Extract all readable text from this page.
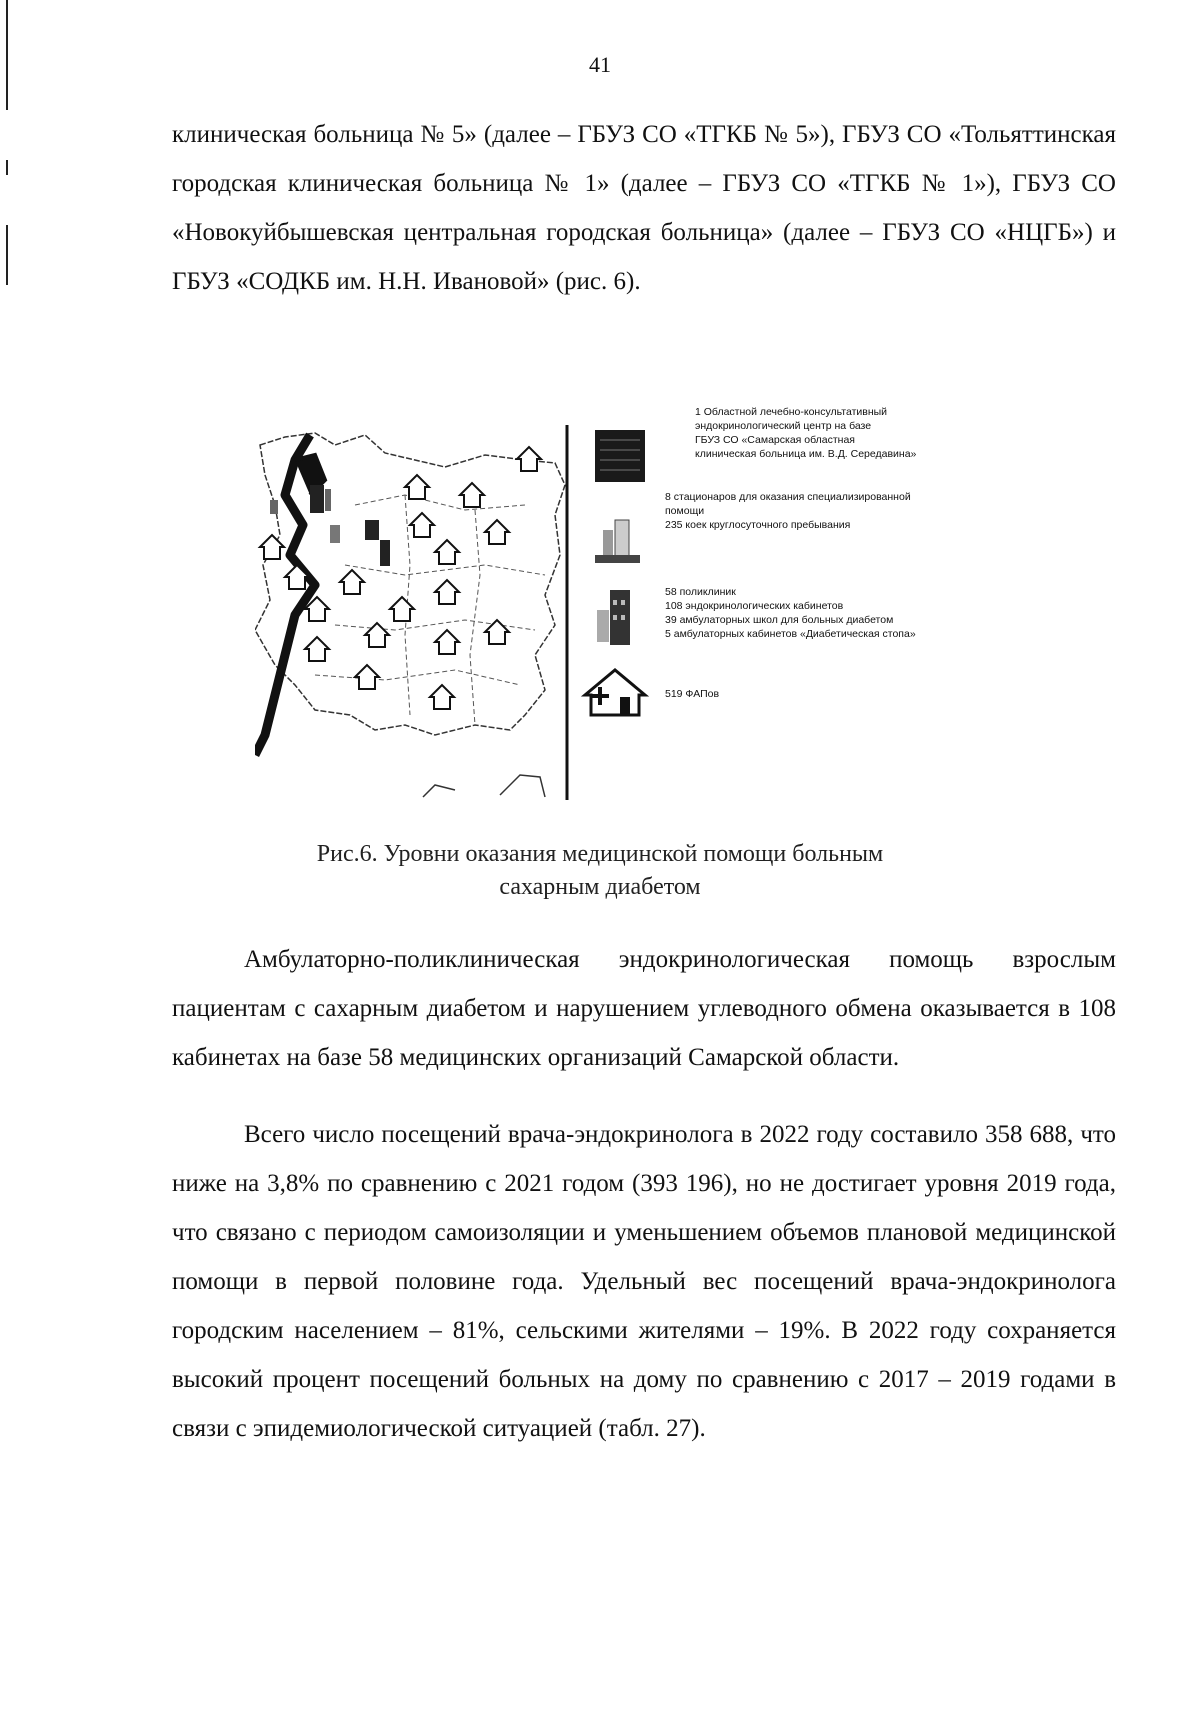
41

клиническая больница № 5» (далее – ГБУЗ СО «ТГКБ № 5»), ГБУЗ СО «Тольяттинская городская клиническая больница № 1» (далее – ГБУЗ СО «ТГКБ № 1»), ГБУЗ СО «Новокуйбышевская центральная городская больница» (далее – ГБУЗ СО «НЦГБ») и ГБУЗ «СОДКБ им. Н.Н. Ивановой» (рис. 6).

1 Областной лечебно-консультативный
эндокринологический центр на базе
ГБУЗ СО «Самарская областная
клиническая больница им. В.Д. Середавина»
8 стационаров для оказания специализированной
помощи
235 коек круглосуточного пребывания
58 поликлиник
108 эндокринологических кабинетов
39 амбулаторных школ для больных диабетом
5 амбулаторных кабинетов «Диабетическая стопа»
519 ФАПов
Рис.6. Уровни оказания медицинской помощи больным
сахарным диабетом

Амбулаторно-поликлиническая эндокринологическая помощь взрослым пациентам с сахарным диабетом и нарушением углеводного обмена оказывается в 108 кабинетах на базе 58 медицинских организаций Самарской области.

Всего число посещений врача-эндокринолога в 2022 году составило 358 688, что ниже на 3,8% по сравнению с 2021 годом (393 196), но не достигает уровня 2019 года, что связано с периодом самоизоляции и уменьшением объемов плановой медицинской помощи в первой половине года. Удельный вес посещений врача-эндокринолога городским населением – 81%, сельскими жителями – 19%. В 2022 году сохраняется высокий процент посещений больных на дому по сравнению с 2017 – 2019 годами в связи с эпидемиологической ситуацией (табл. 27).
